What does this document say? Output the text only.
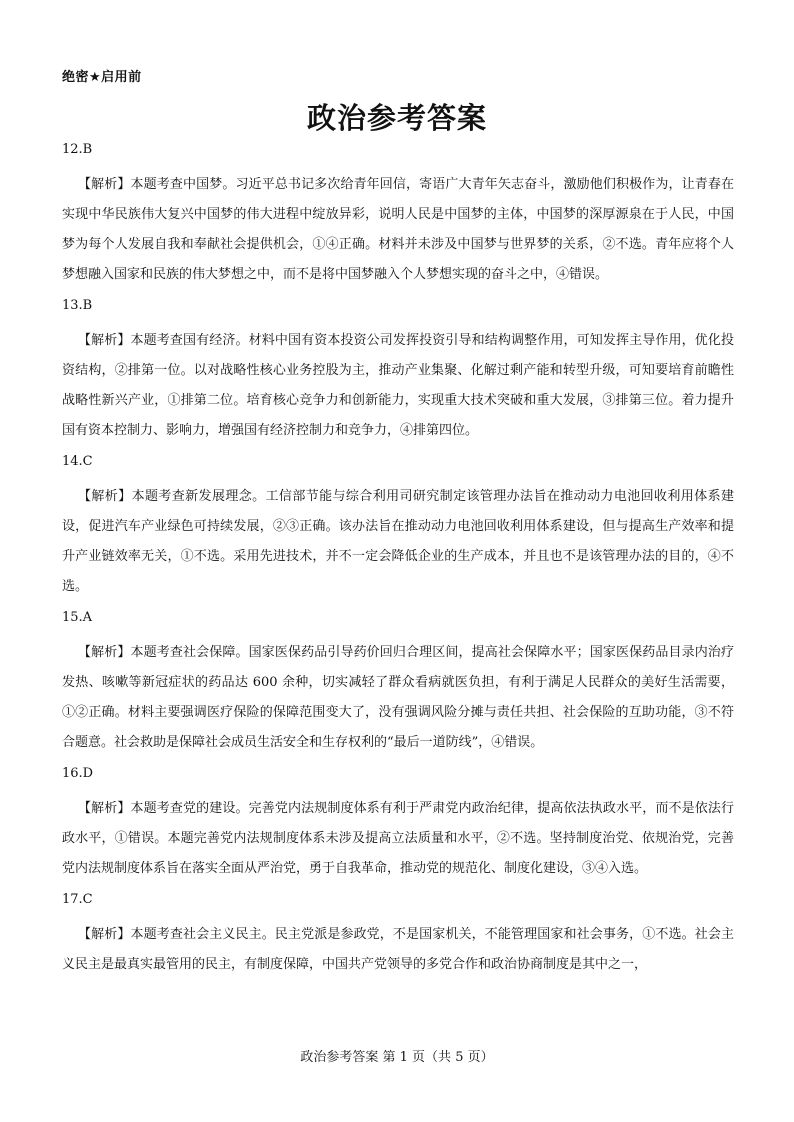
绝密★启用前
政治参考答案
12.B

【解析】本题考查中国梦。习近平总书记多次给青年回信，寄语广大青年矢志奋斗，激励他们积极作为，让青春在实现中华民族伟大复兴中国梦的伟大进程中绽放异彩，说明人民是中国梦的主体，中国梦的深厚源泉在于人民，中国梦为每个人发展自我和奉献社会提供机会，①④正确。材料并未涉及中国梦与世界梦的关系，②不选。青年应将个人梦想融入国家和民族的伟大梦想之中，而不是将中国梦融入个人梦想实现的奋斗之中，④错误。

13.B

【解析】本题考查国有经济。材料中国有资本投资公司发挥投资引导和结构调整作用，可知发挥主导作用，优化投资结构，②排第一位。以对战略性核心业务控股为主，推动产业集聚、化解过剩产能和转型升级，可知要培育前瞻性战略性新兴产业，①排第二位。培育核心竞争力和创新能力，实现重大技术突破和重大发展，③排第三位。着力提升国有资本控制力、影响力，增强国有经济控制力和竞争力，④排第四位。

14.C

【解析】本题考查新发展理念。工信部节能与综合利用司研究制定该管理办法旨在推动动力电池回收利用体系建设，促进汽车产业绿色可持续发展，②③正确。该办法旨在推动动力电池回收利用体系建设，但与提高生产效率和提升产业链效率无关，①不选。采用先进技术，并不一定会降低企业的生产成本，并且也不是该管理办法的目的，④不选。

15.A

【解析】本题考查社会保障。国家医保药品引导药价回归合理区间，提高社会保障水平；国家医保药品目录内治疗发热、咳嗽等新冠症状的药品达 600 余种，切实减轻了群众看病就医负担，有利于满足人民群众的美好生活需要，①②正确。材料主要强调医疗保险的保障范围变大了，没有强调风险分摊与责任共担、社会保险的互助功能，③不符合题意。社会救助是保障社会成员生活安全和生存权利的“最后一道防线”，④错误。

16.D

【解析】本题考查党的建设。完善党内法规制度体系有利于严肃党内政治纪律，提高依法执政水平，而不是依法行政水平，①错误。本题完善党内法规制度体系未涉及提高立法质量和水平，②不选。坚持制度治党、依规治党，完善党内法规制度体系旨在落实全面从严治党，勇于自我革命，推动党的规范化、制度化建设，③④入选。

17.C

【解析】本题考查社会主义民主。民主党派是参政党，不是国家机关，不能管理国家和社会事务，①不选。社会主义民主是最真实最管用的民主，有制度保障，中国共产党领导的多党合作和政治协商制度是其中之一，

政治参考答案 第 1 页（共 5 页）
